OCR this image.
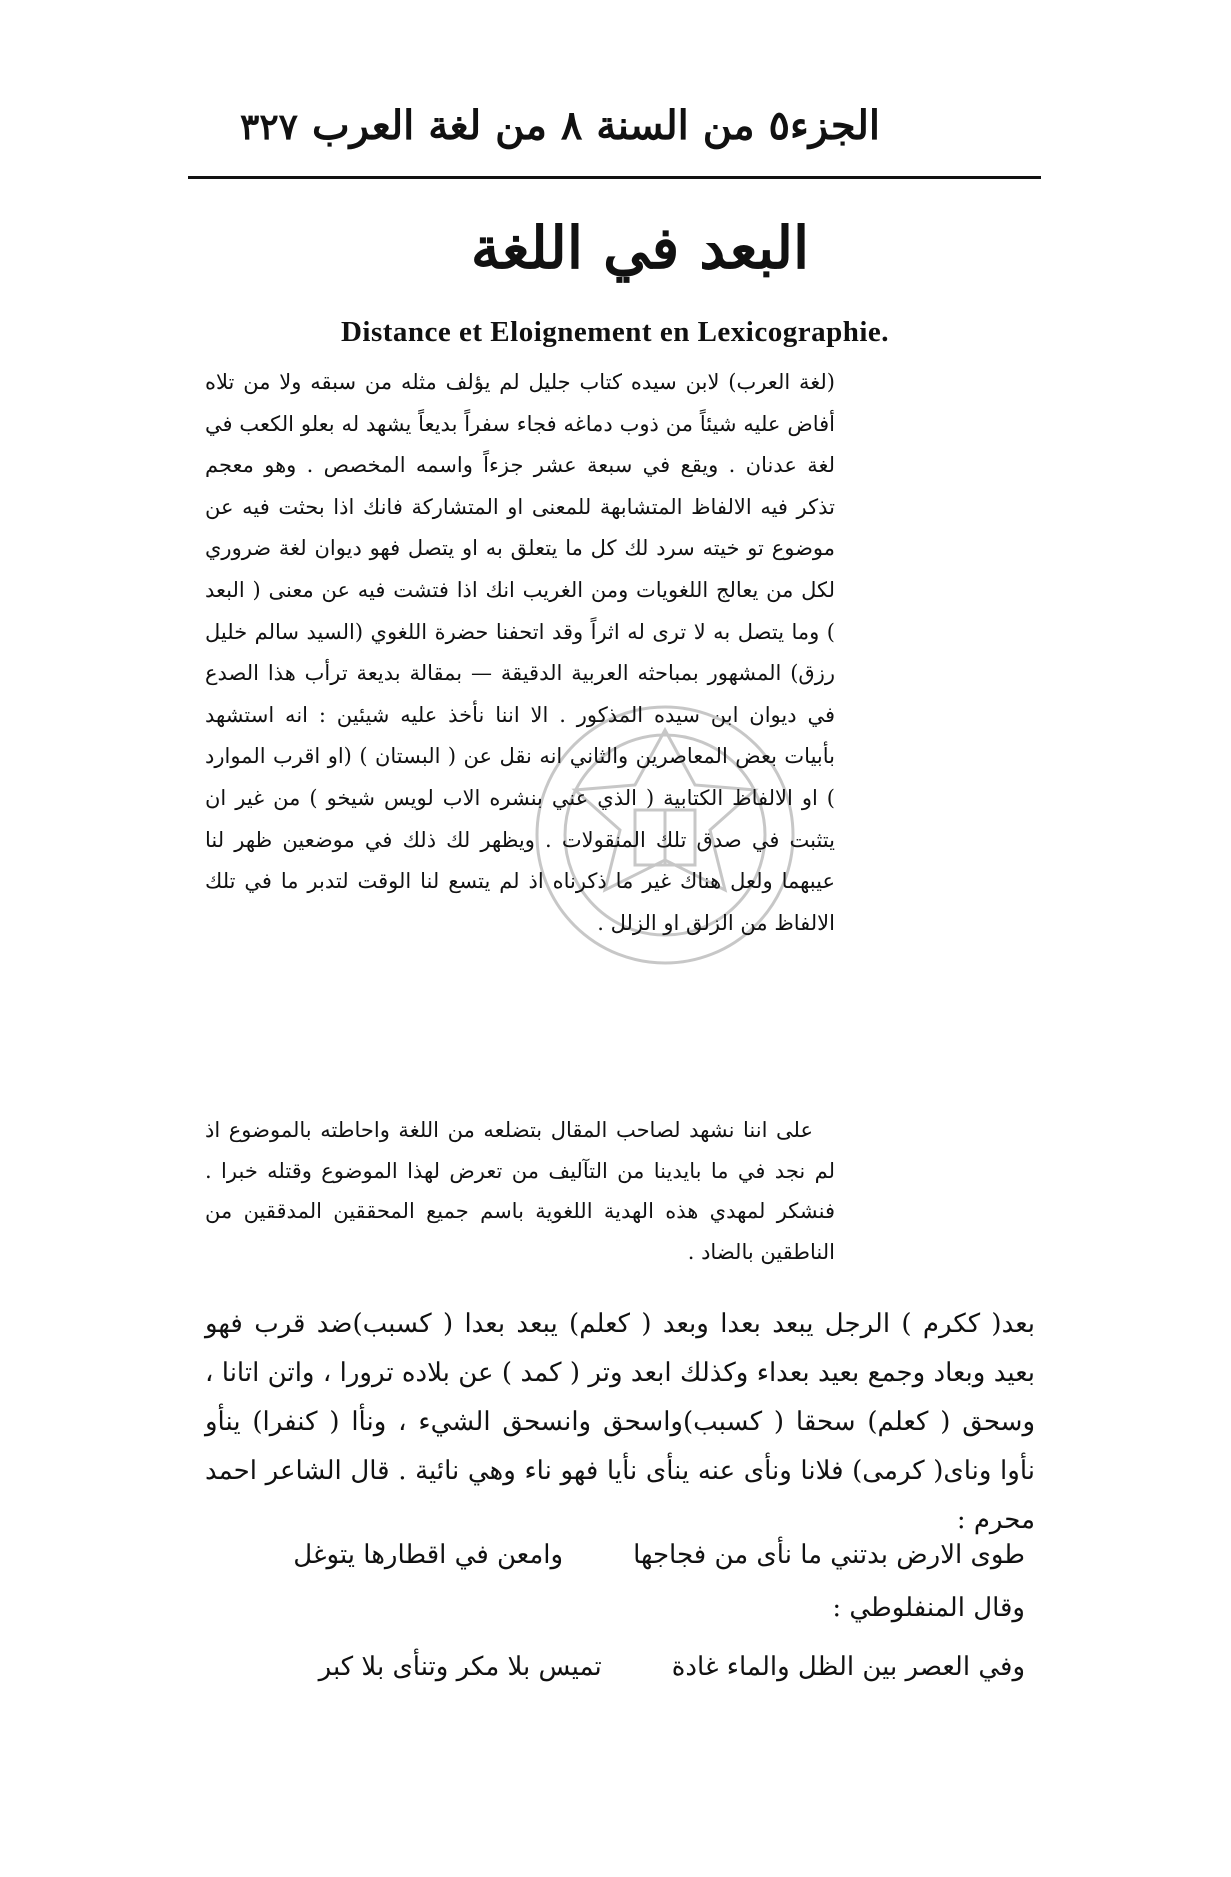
الجزء٥ من السنة ٨ من لغة العرب
٣٢٧
البعد في اللغة
Distance et Eloignement en Lexicographie.
(لغة العرب) لابن سيده كتاب جليل لم يؤلف مثله من سبقه ولا من تلاه أفاض عليه شيئاً من ذوب دماغه فجاء سفراً بديعاً يشهد له بعلو الكعب في لغة عدنان . ويقع في سبعة عشر جزءاً واسمه المخصص . وهو معجم تذكر فيه الالفاظ المتشابهة للمعنى او المتشاركة فانك اذا بحثت فيه عن موضوع تو خيته سرد لك كل ما يتعلق به او يتصل فهو ديوان لغة ضروري لكل من يعالج اللغويات ومن الغريب انك اذا فتشت فيه عن معنى ( البعد ) وما يتصل به لا ترى له اثراً وقد اتحفنا حضرة اللغوي (السيد سالم خليل رزق) المشهور بمباحثه العربية الدقيقة — بمقالة بديعة ترأب هذا الصدع في ديوان ابن سيده المذكور . الا اننا نأخذ عليه شيئين : انه استشهد بأبيات بعض المعاصرين والثاني انه نقل عن ( البستان ) (او اقرب الموارد ) او الالفاظ الكتابية ( الذي عني بنشره الاب لويس شيخو ) من غير ان يتثبت في صدق تلك المنقولات . ويظهر لك ذلك في موضعين ظهر لنا عيبهما ولعل هناك غير ما ذكرناه اذ لم يتسع لنا الوقت لتدبر ما في تلك الالفاظ من الزلق او الزلل .
على اننا نشهد لصاحب المقال بتضلعه من اللغة واحاطته بالموضوع اذ لم نجد في ما بايدينا من التآليف من تعرض لهذا الموضوع وقتله خبرا . فنشكر لمهدي هذه الهدية اللغوية باسم جميع المحققين المدققين من الناطقين بالضاد .
بعد( ككرم ) الرجل يبعد بعدا وبعد ( كعلم) يبعد بعدا ( كسبب)ضد قرب فهو بعيد وبعاد وجمع بعيد بعداء وكذلك ابعد وتر ( كمد ) عن بلاده ترورا ، واتن اتانا ، وسحق ( كعلم) سحقا ( كسبب)واسحق وانسحق الشيء ، ونأا ( كنفرا) ينأو نأوا وناى( كرمى) فلانا ونأى عنه ينأى نأيا فهو ناء وهي نائية . قال الشاعر احمد محرم :
طوى الارض بدتني ما نأى من فجاجها
وامعن في اقطارها يتوغل
وقال المنفلوطي :
وفي العصر بين الظل والماء غادة
تميس بلا مكر وتنأى بلا كبر
